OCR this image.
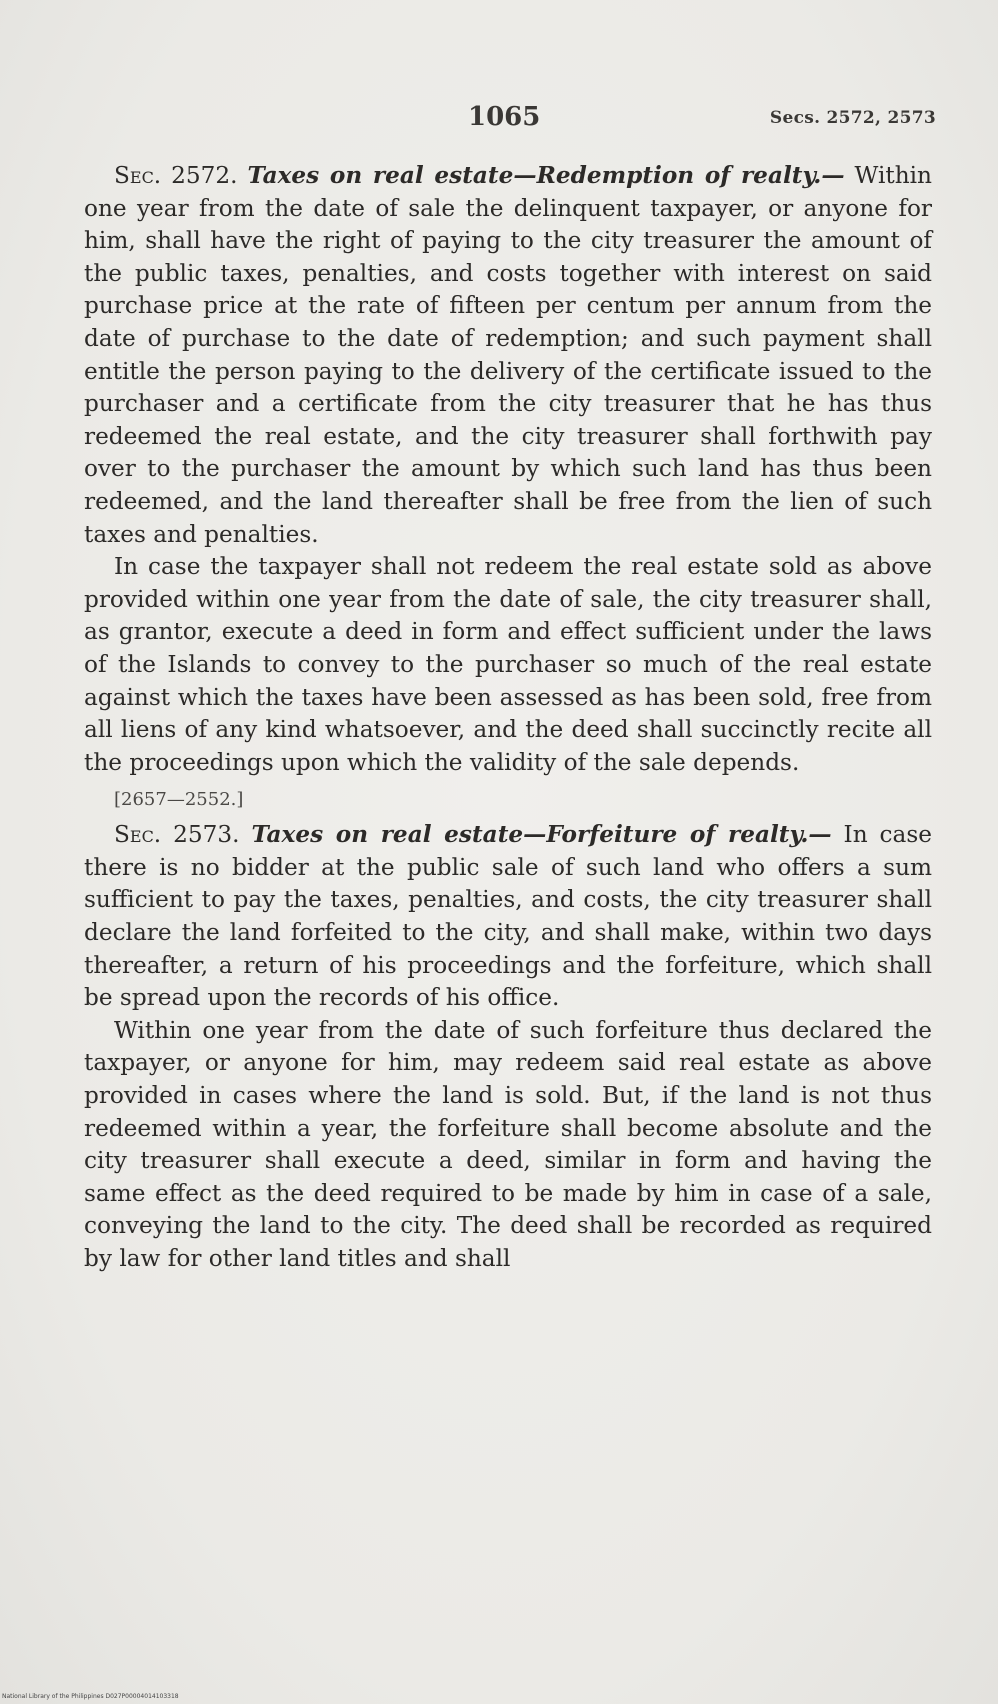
1065	Secs. 2572, 2573

Sec. 2572. Taxes on real estate—Redemption of realty.— Within one year from the date of sale the delinquent taxpayer, or anyone for him, shall have the right of paying to the city treasurer the amount of the public taxes, penalties, and costs together with interest on said purchase price at the rate of fifteen per centum per annum from the date of purchase to the date of redemption; and such payment shall entitle the person paying to the delivery of the certificate issued to the purchaser and a certificate from the city treasurer that he has thus redeemed the real estate, and the city treasurer shall forthwith pay over to the purchaser the amount by which such land has thus been redeemed, and the land thereafter shall be free from the lien of such taxes and penalties.

In case the taxpayer shall not redeem the real estate sold as above provided within one year from the date of sale, the city treasurer shall, as grantor, execute a deed in form and effect sufficient under the laws of the Islands to convey to the purchaser so much of the real estate against which the taxes have been assessed as has been sold, free from all liens of any kind whatsoever, and the deed shall succinctly recite all the proceedings upon which the validity of the sale depends.

[2657—2552.]

Sec. 2573. Taxes on real estate—Forfeiture of realty.— In case there is no bidder at the public sale of such land who offers a sum sufficient to pay the taxes, penalties, and costs, the city treasurer shall declare the land forfeited to the city, and shall make, within two days thereafter, a return of his proceedings and the forfeiture, which shall be spread upon the records of his office.

Within one year from the date of such forfeiture thus declared the taxpayer, or anyone for him, may redeem said real estate as above provided in cases where the land is sold. But, if the land is not thus redeemed within a year, the forfeiture shall become absolute and the city treasurer shall execute a deed, similar in form and having the same effect as the deed required to be made by him in case of a sale, conveying the land to the city. The deed shall be recorded as required by law for other land titles and shall

National Library of the Philippines D027P00004014103318
